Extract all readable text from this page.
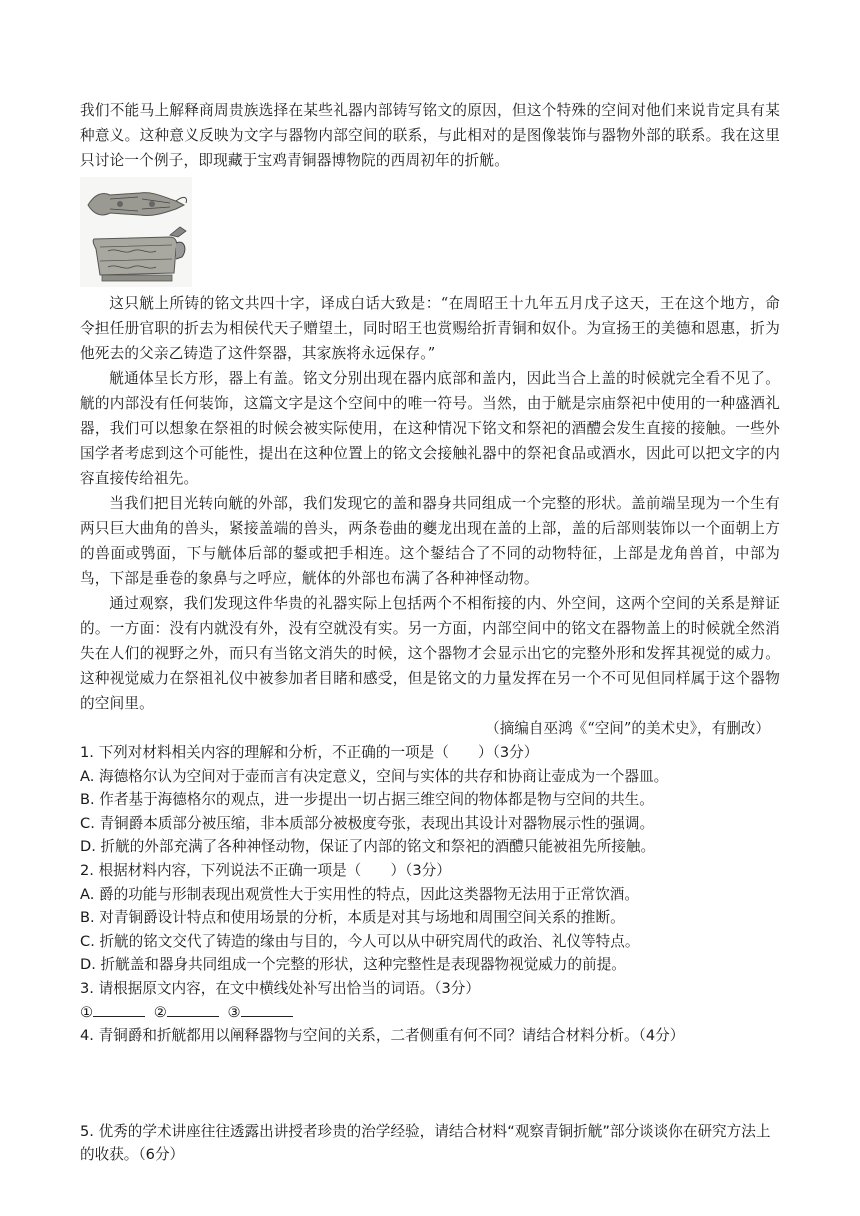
我们不能马上解释商周贵族选择在某些礼器内部铸写铭文的原因，但这个特殊的空间对他们来说肯定具有某种意义。这种意义反映为文字与器物内部空间的联系，与此相对的是图像装饰与器物外部的联系。我在这里只讨论一个例子，即现藏于宝鸡青铜器博物院的西周初年的折觥。

这只觥上所铸的铭文共四十字，译成白话大致是：“在周昭王十九年五月戊子这天，王在这个地方，命令担任册官职的折去为相侯代天子赠望土，同时昭王也赏赐给折青铜和奴仆。为宣扬王的美德和恩惠，折为他死去的父亲乙铸造了这件祭器，其家族将永远保存。”

觥通体呈长方形，器上有盖。铭文分别出现在器内底部和盖内，因此当合上盖的时候就完全看不见了。觥的内部没有任何装饰，这篇文字是这个空间中的唯一符号。当然，由于觥是宗庙祭祀中使用的一种盛酒礼器，我们可以想象在祭祖的时候会被实际使用，在这种情况下铭文和祭祀的酒醴会发生直接的接触。一些外国学者考虑到这个可能性，提出在这种位置上的铭文会接触礼器中的祭祀食品或酒水，因此可以把文字的内容直接传给祖先。

当我们把目光转向觥的外部，我们发现它的盖和器身共同组成一个完整的形状。盖前端呈现为一个生有两只巨大曲角的兽头，紧接盖端的兽头，两条卷曲的夔龙出现在盖的上部，盖的后部则装饰以一个面朝上方的兽面或鸮面，下与觥体后部的鋬或把手相连。这个鋬结合了不同的动物特征，上部是龙角兽首，中部为鸟，下部是垂卷的象鼻与之呼应，觥体的外部也布满了各种神怪动物。

通过观察，我们发现这件华贵的礼器实际上包括两个不相衔接的内、外空间，这两个空间的关系是辩证的。一方面：没有内就没有外，没有空就没有实。另一方面，内部空间中的铭文在器物盖上的时候就全然消失在人们的视野之外，而只有当铭文消失的时候，这个器物才会显示出它的完整外形和发挥其视觉的威力。这种视觉威力在祭祖礼仪中被参加者目睹和感受，但是铭文的力量发挥在另一个不可见但同样属于这个器物的空间里。

（摘编自巫鸿《“空间”的美术史》，有删改）

1. 下列对材料相关内容的理解和分析，不正确的一项是（　　）（3分）

A. 海德格尔认为空间对于壶而言有决定意义，空间与实体的共存和协商让壶成为一个器皿。

B. 作者基于海德格尔的观点，进一步提出一切占据三维空间的物体都是物与空间的共生。

C. 青铜爵本质部分被压缩，非本质部分被极度夸张，表现出其设计对器物展示性的强调。

D. 折觥的外部充满了各种神怪动物，保证了内部的铭文和祭祀的酒醴只能被祖先所接触。

2. 根据材料内容，下列说法不正确一项是（　　）（3分）

A. 爵的功能与形制表现出观赏性大于实用性的特点，因此这类器物无法用于正常饮酒。

B. 对青铜爵设计特点和使用场景的分析，本质是对其与场地和周围空间关系的推断。

C. 折觥的铭文交代了铸造的缘由与目的，今人可以从中研究周代的政治、礼仪等特点。

D. 折觥盖和器身共同组成一个完整的形状，这种完整性是表现器物视觉威力的前提。

3. 请根据原文内容，在文中横线处补写出恰当的词语。（3分）

①	②	③

4. 青铜爵和折觥都用以阐释器物与空间的关系，二者侧重有何不同？请结合材料分析。（4分）

5. 优秀的学术讲座往往透露出讲授者珍贵的治学经验，请结合材料“观察青铜折觥”部分谈谈你在研究方法上的收获。（6分）
